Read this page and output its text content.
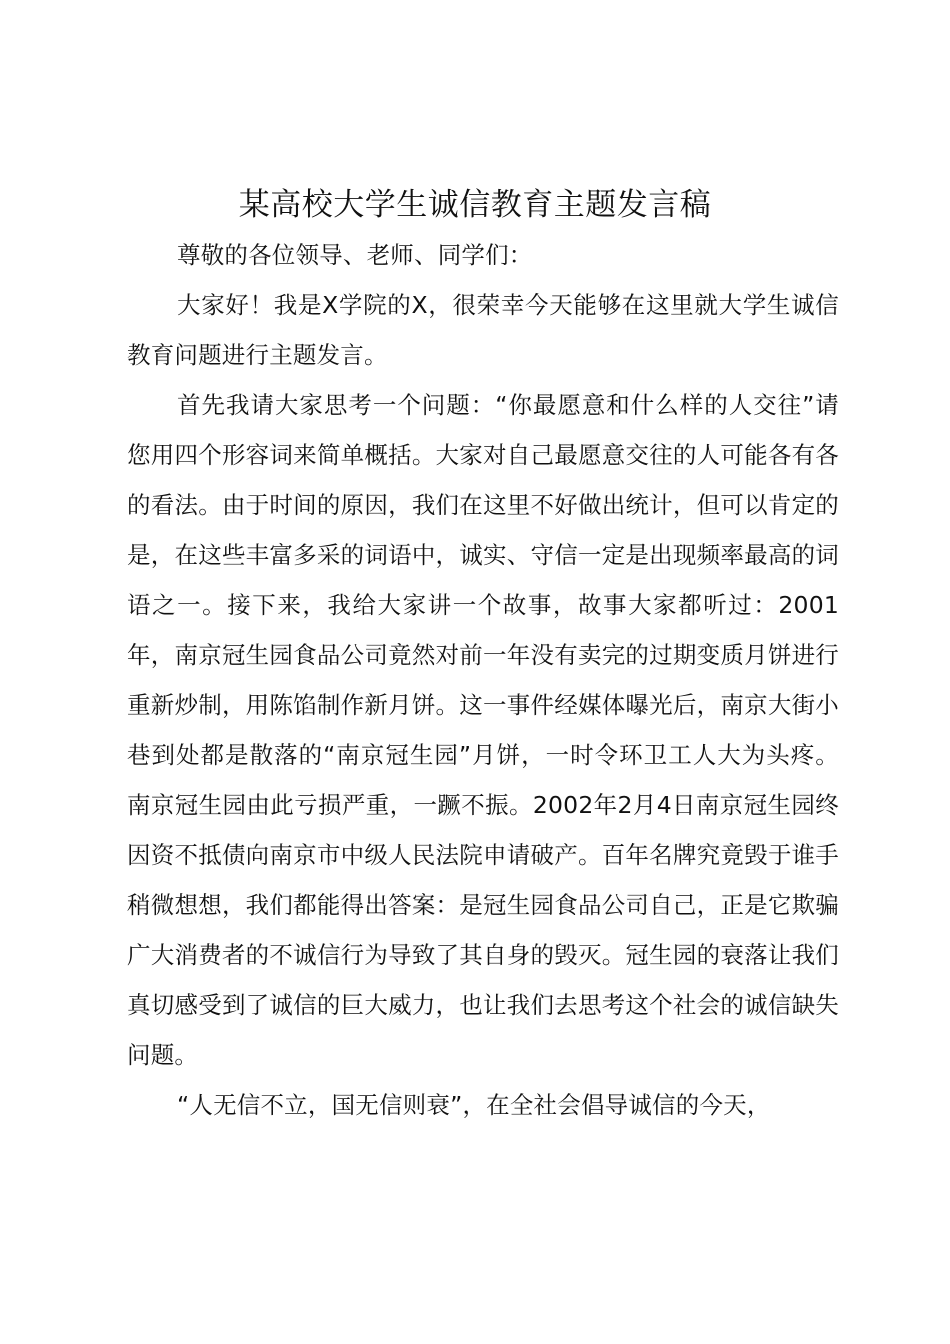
某高校大学生诚信教育主题发言稿

尊敬的各位领导、老师、同学们：

大家好！我是X学院的X，很荣幸今天能够在这里就大学生诚信教育问题进行主题发言。

首先我请大家思考一个问题：“你最愿意和什么样的人交往”请您用四个形容词来简单概括。大家对自己最愿意交往的人可能各有各的看法。由于时间的原因，我们在这里不好做出统计，但可以肯定的是，在这些丰富多采的词语中，诚实、守信一定是出现频率最高的词语之一。接下来，我给大家讲一个故事，故事大家都听过：2001年，南京冠生园食品公司竟然对前一年没有卖完的过期变质月饼进行重新炒制，用陈馅制作新月饼。这一事件经媒体曝光后，南京大街小巷到处都是散落的“南京冠生园”月饼，一时令环卫工人大为头疼。南京冠生园由此亏损严重，一蹶不振。2002年2月4日南京冠生园终因资不抵债向南京市中级人民法院申请破产。百年名牌究竟毁于谁手稍微想想，我们都能得出答案：是冠生园食品公司自己，正是它欺骗广大消费者的不诚信行为导致了其自身的毁灭。冠生园的衰落让我们真切感受到了诚信的巨大威力，也让我们去思考这个社会的诚信缺失问题。

“人无信不立，国无信则衰”，在全社会倡导诚信的今天，
